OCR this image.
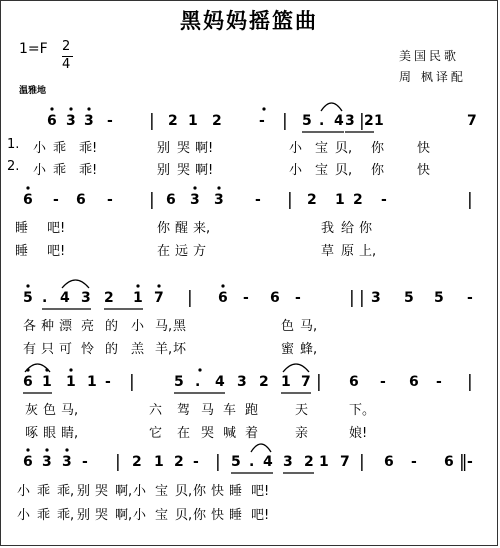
黑妈妈摇篮曲
1=F 2
4
温雅地
美国民歌
周 枫译配
6 3 3 - | 2 1 2	- | 5 . 4 3 2 1	7
|
1. 小 乖 乖!	别 哭 啊!	小 宝 贝, 你	快
2. 小 乖 乖!	别 哭 啊!	小 宝 贝, 你	快
6 - 6 - | 6 3 3 - | 2 1 2 -	|
睡 吧!	你 醒 来,	我 给 你
睡 吧!	在 远 方	草 原 上,
5 . 4 3 2 1 7 | 6 - 6 -	| 3 5 5 -
|
各 种 漂 亮 的 小 马, 黑	色 马,
有 只 可 怜 的 羔 羊, 坏	蜜 蜂,
6 1 1 1 - |	5 . 4 3 2 1 7 | 6 - 6 - |
灰 色 马,	六 驾 马 车 跑	天	下。
啄 眼 睛,	它 在 哭 喊 着	亲	娘!
6 3 3 - | 2 1 2 - | 5 . 4 3 2 1 7 | 6 - 6 -
‖
小 乖 乖, 别 哭 啊, 小 宝 贝, 你 快 睡 吧!
小 乖 乖, 别 哭 啊, 小 宝 贝, 你 快 睡 吧!
